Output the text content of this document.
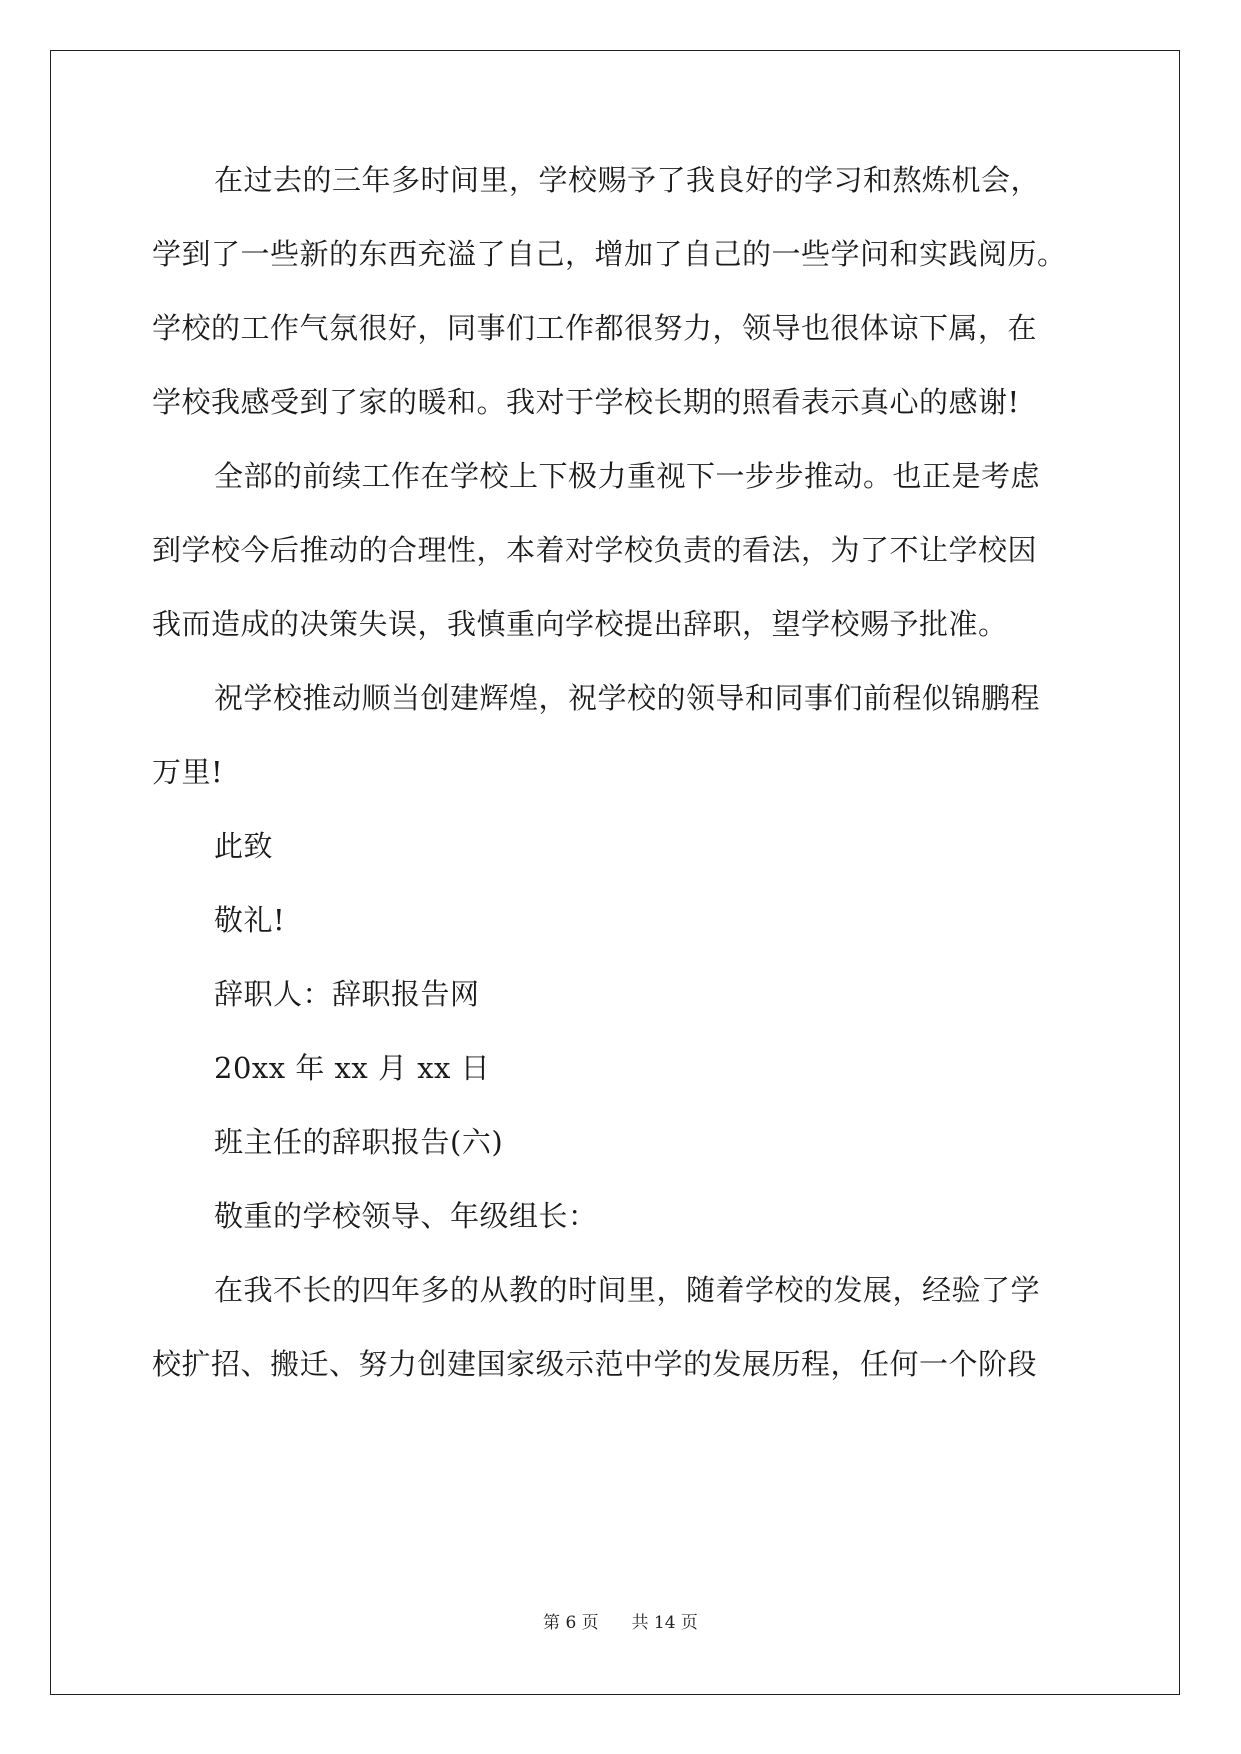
在过去的三年多时间里，学校赐予了我良好的学习和熬炼机会，
学到了一些新的东西充溢了自己，增加了自己的一些学问和实践阅历。
学校的工作气氛很好，同事们工作都很努力，领导也很体谅下属，在
学校我感受到了家的暖和。我对于学校长期的照看表示真心的感谢!
全部的前续工作在学校上下极力重视下一步步推动。也正是考虑
到学校今后推动的合理性，本着对学校负责的看法，为了不让学校因
我而造成的决策失误，我慎重向学校提出辞职，望学校赐予批准。
祝学校推动顺当创建辉煌，祝学校的领导和同事们前程似锦鹏程
万里!
此致
敬礼!
辞职人：辞职报告网
20xx 年 xx 月 xx 日
班主任的辞职报告(六)
敬重的学校领导、年级组长：
在我不长的四年多的从教的时间里，随着学校的发展，经验了学
校扩招、搬迁、努力创建国家级示范中学的发展历程，任何一个阶段
第 6 页 共 14 页
